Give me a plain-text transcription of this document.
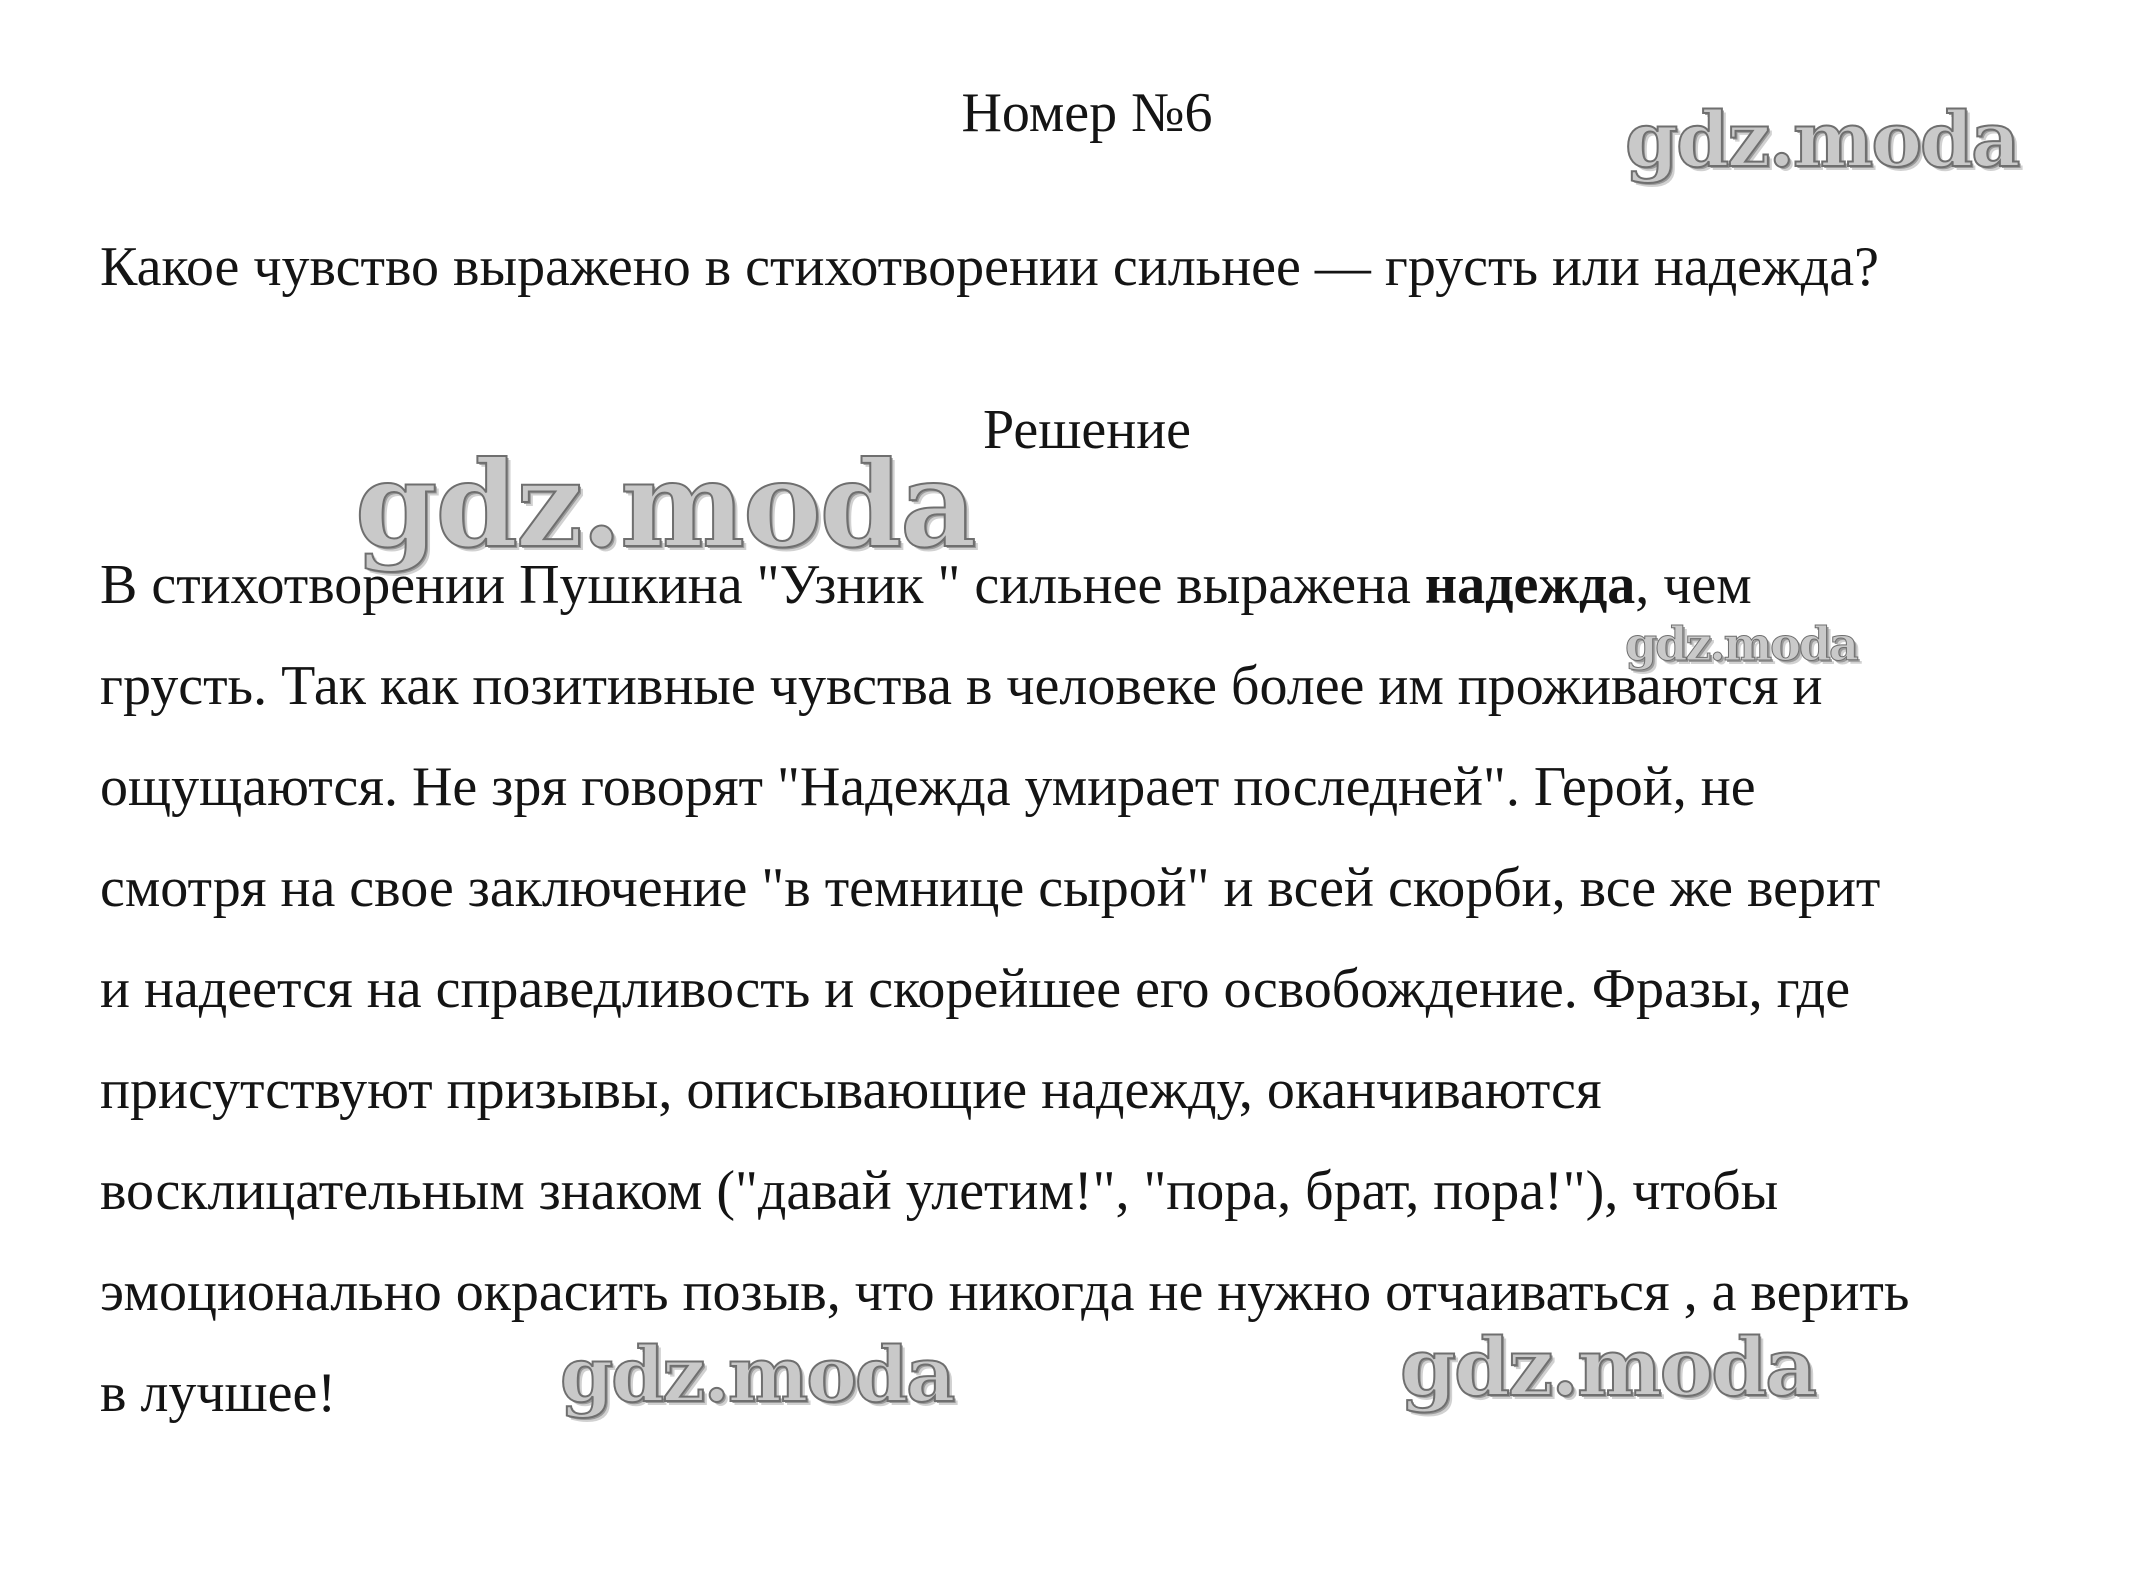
Номер №6
Какое чувство выражено в стихотворении сильнее — грусть или надежда?
Решение
В стихотворении Пушкина "Узник " сильнее выражена надежда, чем
грусть. Так как позитивные чувства в человеке более им проживаются и
ощущаются. Не зря говорят "Надежда умирает последней". Герой, не
смотря на свое заключение "в темнице сырой" и всей скорби, все же верит
и надеется на справедливость и скорейшее его освобождение. Фразы, где
присутствуют призывы, описывающие надежду, оканчиваются
восклицательным знаком ("давай улетим!", "пора, брат, пора!"), чтобы
эмоционально окрасить позыв, что никогда не нужно отчаиваться , а верить
в лучшее!
gdz.moda
gdz.moda
gdz.moda
gdz.moda	gdz.moda
